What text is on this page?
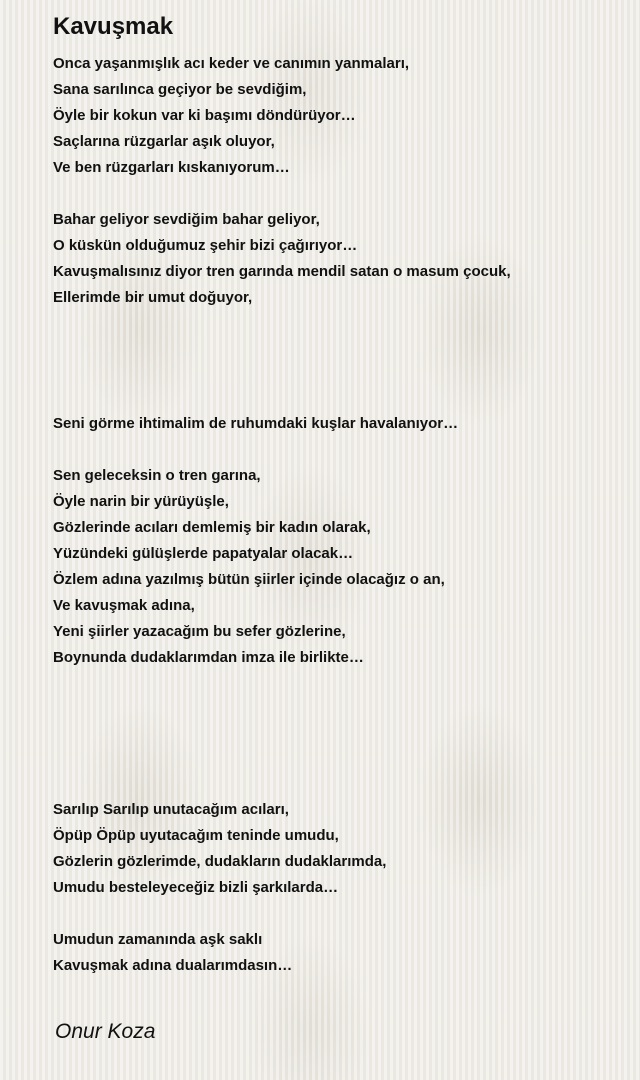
Kavuşmak
Onca yaşanmışlık acı keder ve canımın yanmaları,
Sana sarılınca geçiyor be sevdiğim,
Öyle bir kokun var ki başımı döndürüyor…
Saçlarına rüzgarlar aşık oluyor,
Ve ben rüzgarları kıskanıyorum…
Bahar geliyor sevdiğim bahar geliyor,
O küskün olduğumuz şehir bizi çağırıyor…
Kavuşmalısınız diyor tren garında mendil satan o masum çocuk,
Ellerimde bir umut doğuyor,
Seni görme ihtimalim de ruhumdaki kuşlar havalanıyor…
Sen geleceksin o tren garına,
Öyle narin bir yürüyüşle,
Gözlerinde acıları demlemiş bir kadın olarak,
Yüzündeki gülüşlerde papatyalar olacak…
Özlem adına yazılmış bütün şiirler içinde olacağız o an,
Ve kavuşmak adına,
Yeni şiirler yazacağım bu sefer gözlerine,
Boynunda dudaklarımdan imza ile birlikte…
Sarılıp Sarılıp unutacağım acıları,
Öpüp Öpüp uyutacağım teninde umudu,
Gözlerin gözlerimde, dudakların dudaklarımda,
Umudu besteleyeceğiz bizli şarkılarda…
Umudun zamanında aşk saklı
Kavuşmak adına dualarımdasın…
Onur Koza
